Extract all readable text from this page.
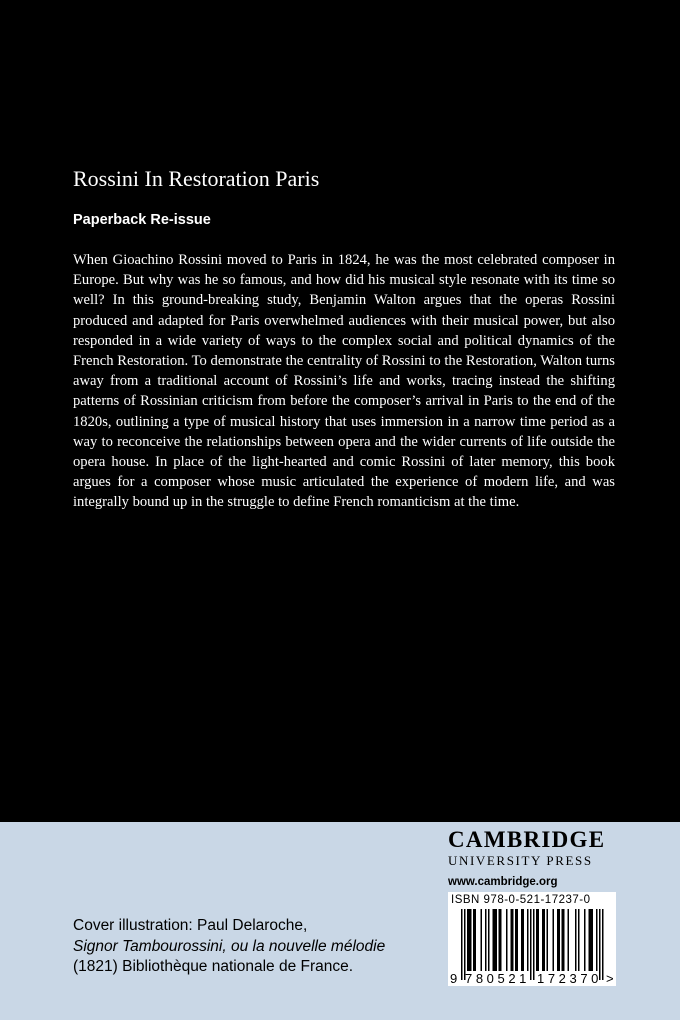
Rossini In Restoration Paris
Paperback Re-issue
When Gioachino Rossini moved to Paris in 1824, he was the most celebrated composer in Europe. But why was he so famous, and how did his musical style resonate with its time so well? In this ground-breaking study, Benjamin Walton argues that the operas Rossini produced and adapted for Paris overwhelmed audiences with their musical power, but also responded in a wide variety of ways to the complex social and political dynamics of the French Restoration. To demonstrate the centrality of Rossini to the Restoration, Walton turns away from a traditional account of Rossini’s life and works, tracing instead the shifting patterns of Rossinian criticism from before the composer’s arrival in Paris to the end of the 1820s, outlining a type of musical history that uses immersion in a narrow time period as a way to reconceive the relationships between opera and the wider currents of life outside the opera house. In place of the light-hearted and comic Rossini of later memory, this book argues for a composer whose music articulated the experience of modern life, and was integrally bound up in the struggle to define French romanticism at the time.
CAMBRIDGE
UNIVERSITY PRESS
www.cambridge.org
Cover illustration: Paul Delaroche,
Signor Tambourossini, ou la nouvelle mélodie
(1821) Bibliothèque nationale de France.
ISBN 978-0-521-17237-0
9 780521 172370 >
